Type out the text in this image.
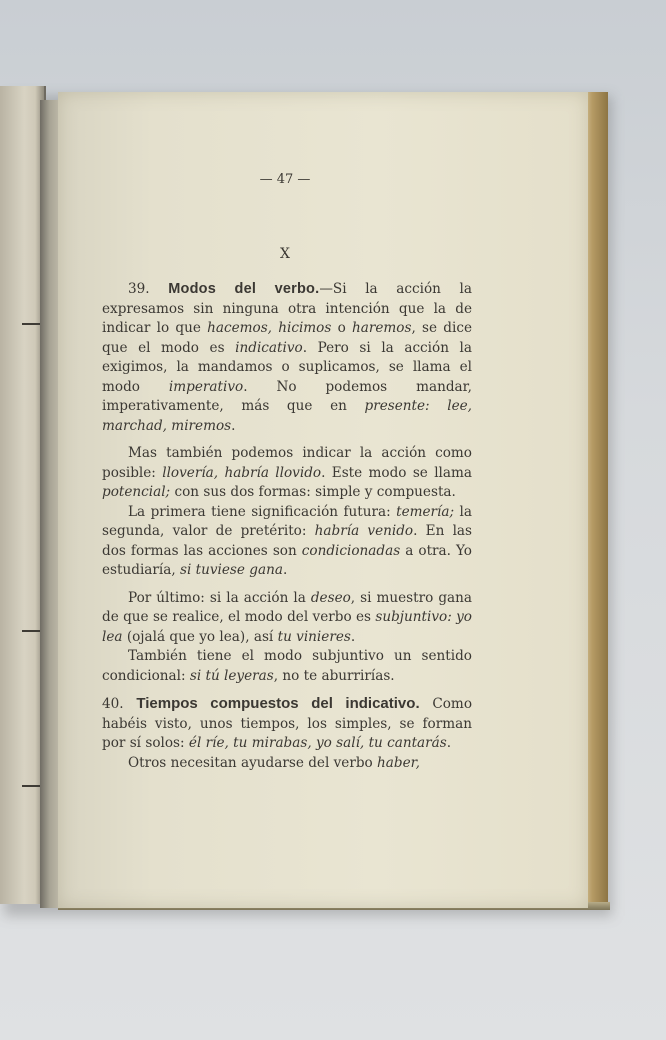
— 47 —
X

39. Modos del verbo.—Si la acción la expresamos sin ninguna otra intención que la de indicar lo que hacemos, hicimos o haremos, se dice que el modo es indicativo. Pero si la acción la exigimos, la mandamos o suplicamos, se llama el modo imperativo. No podemos mandar, imperativamente, más que en presente: lee, marchad, miremos.

Mas también podemos indicar la acción como posible: llovería, habría llovido. Este modo se llama potencial; con sus dos formas: simple y compuesta.

La primera tiene significación futura: temería; la segunda, valor de pretérito: habría venido. En las dos formas las acciones son condicionadas a otra. Yo estudiaría, si tuviese gana.

Por último: si la acción la deseo, si muestro gana de que se realice, el modo del verbo es subjuntivo: yo lea (ojalá que yo lea), así tu vinieres.

También tiene el modo subjuntivo un sentido condicional: si tú leyeras, no te aburrirías.

40. Tiempos compuestos del indicativo. Como habéis visto, unos tiempos, los simples, se forman por sí solos: él ríe, tu mirabas, yo salí, tu cantarás.

Otros necesitan ayudarse del verbo haber,
